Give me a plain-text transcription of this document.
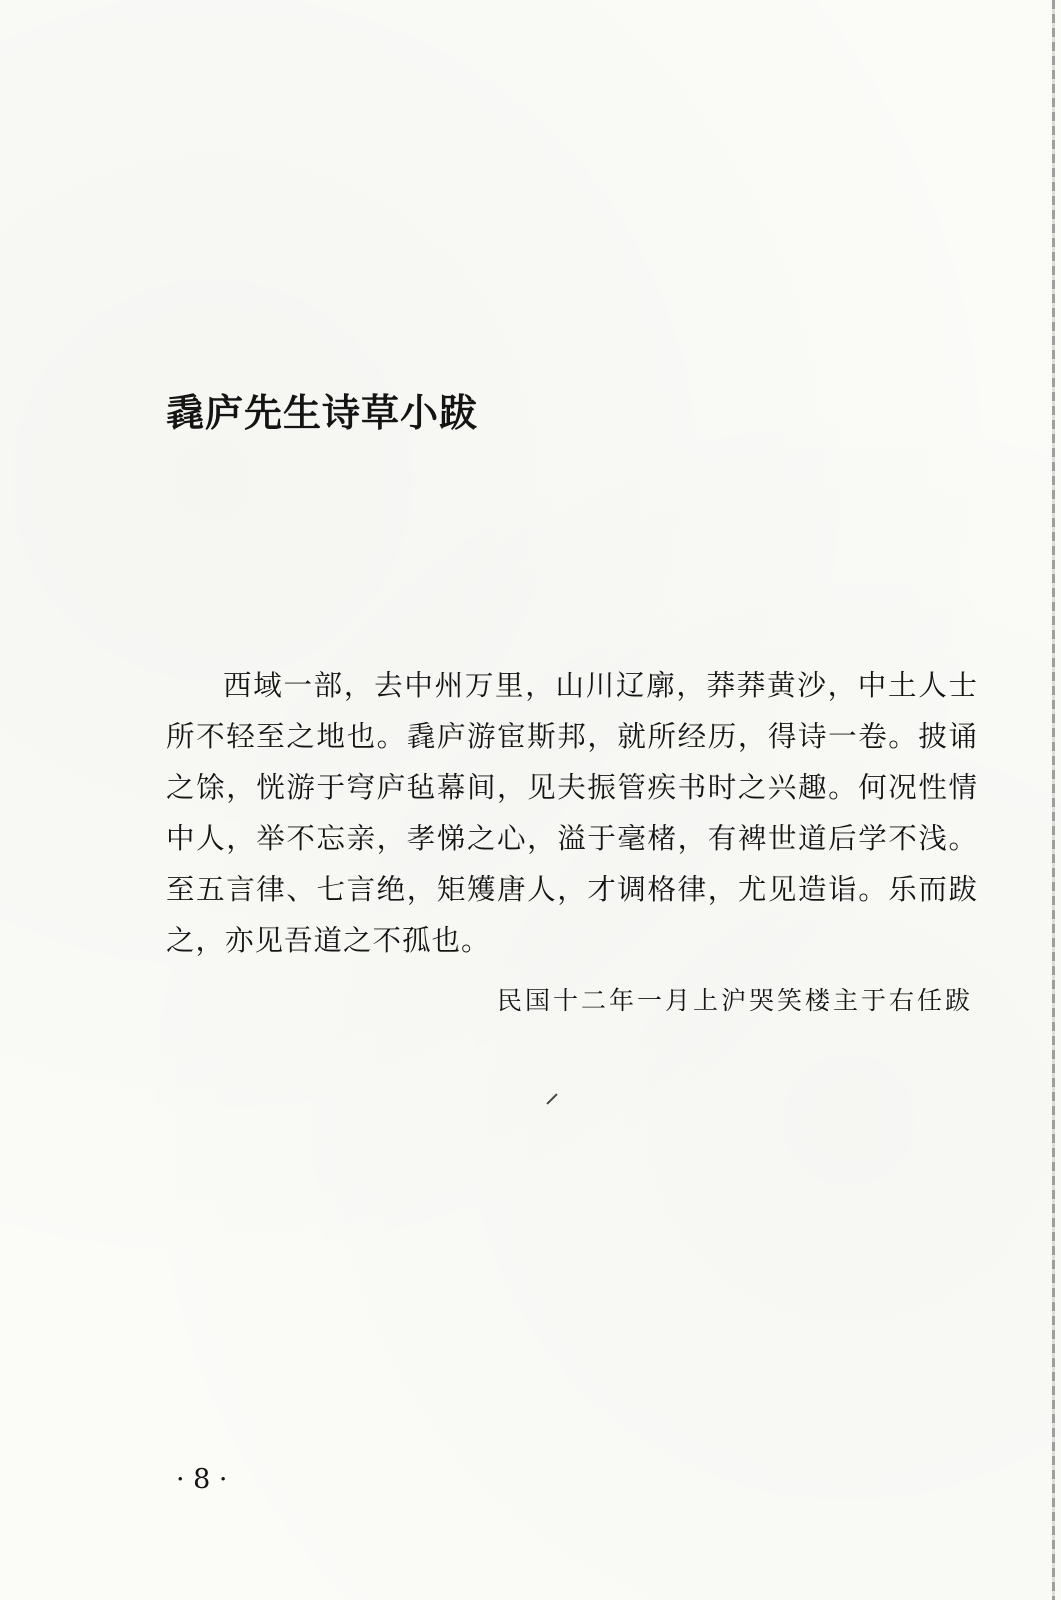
毳庐先生诗草小跋

西域一部，去中州万里，山川辽廓，莽莽黄沙，中土人士所不轻至之地也。毳庐游宦斯邦，就所经历，得诗一卷。披诵之馀，恍游于穹庐毡幕间，见夫振管疾书时之兴趣。何况性情中人，举不忘亲，孝悌之心，溢于毫楮，有裨世道后学不浅。至五言律、七言绝，矩矱唐人，才调格律，尤见造诣。乐而跋之，亦见吾道之不孤也。

民国十二年一月上沪哭笑楼主于右任跋

· 8 ·
